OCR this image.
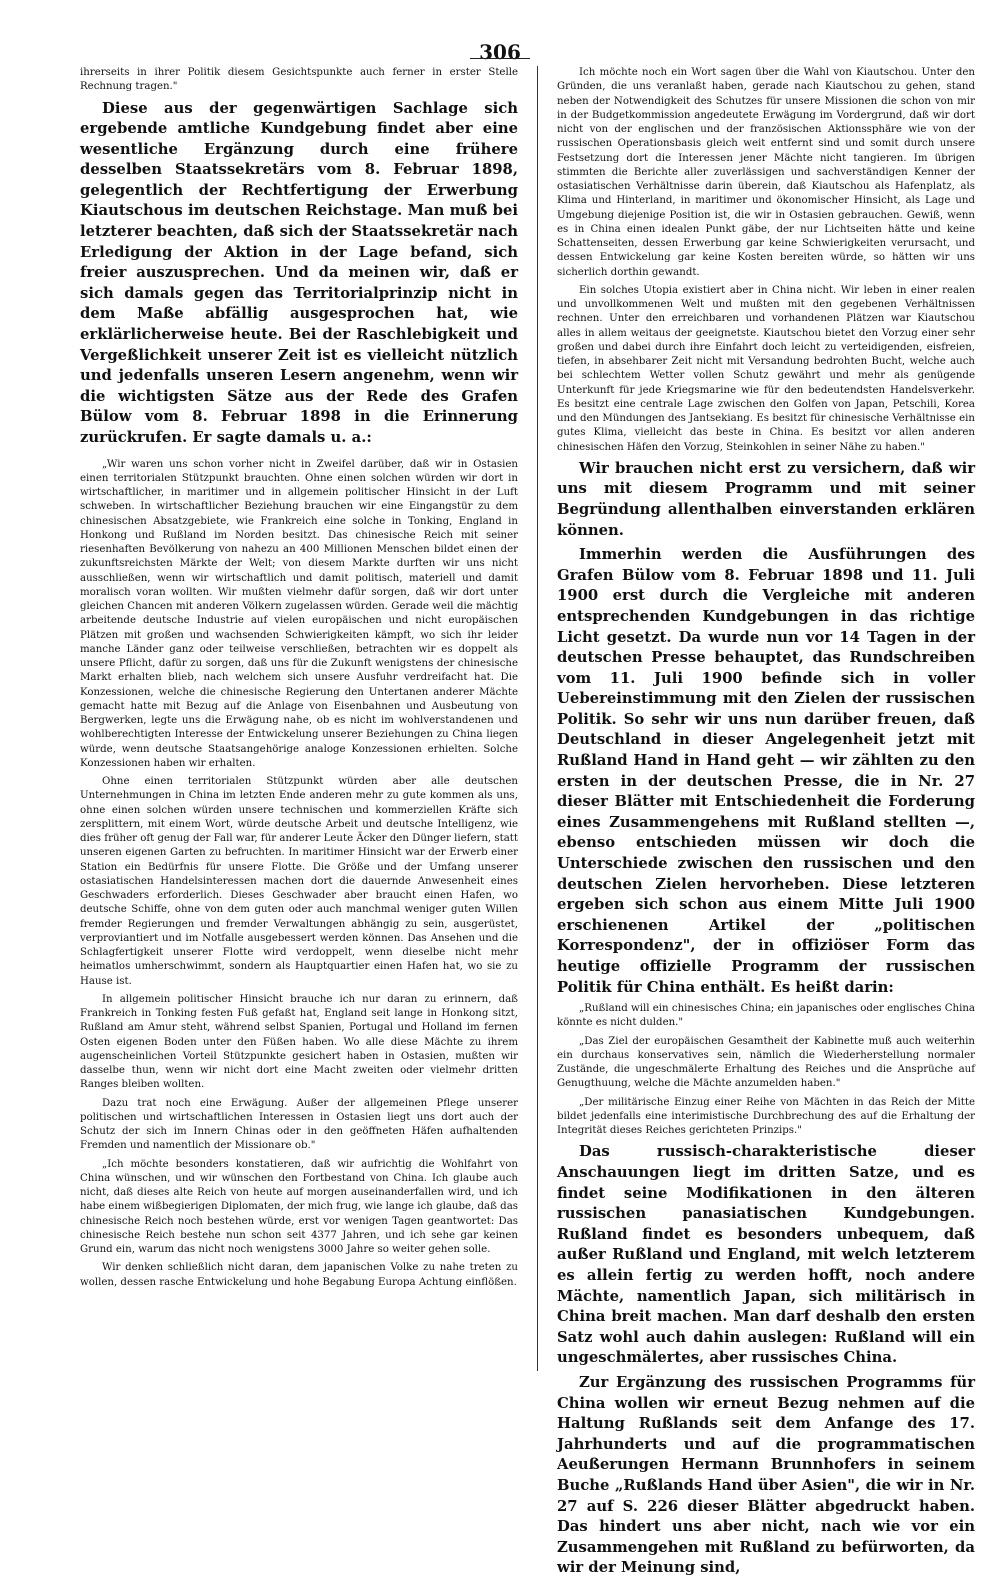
306

ihrerseits in ihrer Politik diesem Gesichtspunkte auch ferner in erster Stelle Rechnung tragen."

Diese aus der gegenwärtigen Sachlage sich ergebende amtliche Kundgebung findet aber eine wesentliche Ergänzung durch eine frühere desselben Staatssekretärs vom 8. Februar 1898, gelegentlich der Rechtfertigung der Erwerbung Kiautschous im deutschen Reichstage. Man muß bei letzterer beachten, daß sich der Staatssekretär nach Erledigung der Aktion in der Lage befand, sich freier auszusprechen. Und da meinen wir, daß er sich damals gegen das Territorialprinzip nicht in dem Maße abfällig ausgesprochen hat, wie erklärlicherweise heute. Bei der Raschlebigkeit und Vergeßlichkeit unserer Zeit ist es vielleicht nützlich und jedenfalls unseren Lesern angenehm, wenn wir die wichtigsten Sätze aus der Rede des Grafen Bülow vom 8. Februar 1898 in die Erinnerung zurückrufen. Er sagte damals u. a.:

„Wir waren uns schon vorher nicht in Zweifel darüber, daß wir in Ostasien einen territorialen Stützpunkt brauchten. Ohne einen solchen würden wir dort in wirtschaftlicher, in maritimer und in allgemein politischer Hinsicht in der Luft schweben. In wirtschaftlicher Beziehung brauchen wir eine Eingangstür zu dem chinesischen Absatzgebiete, wie Frankreich eine solche in Tonking, England in Honkong und Rußland im Norden besitzt. Das chinesische Reich mit seiner riesenhaften Bevölkerung von nahezu an 400 Millionen Menschen bildet einen der zukunftsreichsten Märkte der Welt; von diesem Markte durften wir uns nicht ausschließen, wenn wir wirtschaftlich und damit politisch, materiell und damit moralisch voran wollten. Wir mußten vielmehr dafür sorgen, daß wir dort unter gleichen Chancen mit anderen Völkern zugelassen würden. Gerade weil die mächtig arbeitende deutsche Industrie auf vielen europäischen und nicht europäischen Plätzen mit großen und wachsenden Schwierigkeiten kämpft, wo sich ihr leider manche Länder ganz oder teilweise verschließen, betrachten wir es doppelt als unsere Pflicht, dafür zu sorgen, daß uns für die Zukunft wenigstens der chinesische Markt erhalten blieb, nach welchem sich unsere Ausfuhr verdreifacht hat. Die Konzessionen, welche die chinesische Regierung den Untertanen anderer Mächte gemacht hatte mit Bezug auf die Anlage von Eisenbahnen und Ausbeutung von Bergwerken, legte uns die Erwägung nahe, ob es nicht im wohlverstandenen und wohlberechtigten Interesse der Entwickelung unserer Beziehungen zu China liegen würde, wenn deutsche Staatsangehörige analoge Konzessionen erhielten. Solche Konzessionen haben wir erhalten.

Ohne einen territorialen Stützpunkt würden aber alle deutschen Unternehmungen in China im letzten Ende anderen mehr zu gute kommen als uns, ohne einen solchen würden unsere technischen und kommerziellen Kräfte sich zersplittern, mit einem Wort, würde deutsche Arbeit und deutsche Intelligenz, wie dies früher oft genug der Fall war, für anderer Leute Äcker den Dünger liefern, statt unseren eigenen Garten zu befruchten. In maritimer Hinsicht war der Erwerb einer Station ein Bedürfnis für unsere Flotte. Die Größe und der Umfang unserer ostasiatischen Handelsinteressen machen dort die dauernde Anwesenheit eines Geschwaders erforderlich. Dieses Geschwader aber braucht einen Hafen, wo deutsche Schiffe, ohne von dem guten oder auch manchmal weniger guten Willen fremder Regierungen und fremder Verwaltungen abhängig zu sein, ausgerüstet, verproviantiert und im Notfalle ausgebessert werden können. Das Ansehen und die Schlagfertigkeit unserer Flotte wird verdoppelt, wenn dieselbe nicht mehr heimatlos umherschwimmt, sondern als Hauptquartier einen Hafen hat, wo sie zu Hause ist.

In allgemein politischer Hinsicht brauche ich nur daran zu erinnern, daß Frankreich in Tonking festen Fuß gefaßt hat, England seit lange in Honkong sitzt, Rußland am Amur steht, während selbst Spanien, Portugal und Holland im fernen Osten eigenen Boden unter den Füßen haben. Wo alle diese Mächte zu ihrem augenscheinlichen Vorteil Stützpunkte gesichert haben in Ostasien, mußten wir dasselbe thun, wenn wir nicht dort eine Macht zweiten oder vielmehr dritten Ranges bleiben wollten.

Dazu trat noch eine Erwägung. Außer der allgemeinen Pflege unserer politischen und wirtschaftlichen Interessen in Ostasien liegt uns dort auch der Schutz der sich im Innern Chinas oder in den geöffneten Häfen aufhaltenden Fremden und namentlich der Missionare ob."

„Ich möchte besonders konstatieren, daß wir aufrichtig die Wohlfahrt von China wünschen, und wir wünschen den Fortbestand von China. Ich glaube auch nicht, daß dieses alte Reich von heute auf morgen auseinanderfallen wird, und ich habe einem wißbegierigen Diplomaten, der mich frug, wie lange ich glaube, daß das chinesische Reich noch bestehen würde, erst vor wenigen Tagen geantwortet: Das chinesische Reich bestehe nun schon seit 4377 Jahren, und ich sehe gar keinen Grund ein, warum das nicht noch wenigstens 3000 Jahre so weiter gehen solle.

Wir denken schließlich nicht daran, dem japanischen Volke zu nahe treten zu wollen, dessen rasche Entwickelung und hohe Begabung Europa Achtung einflößen.

Ich möchte noch ein Wort sagen über die Wahl von Kiautschou. Unter den Gründen, die uns veranlaßt haben, gerade nach Kiautschou zu gehen, stand neben der Notwendigkeit des Schutzes für unsere Missionen die schon von mir in der Budgetkommission angedeutete Erwägung im Vordergrund, daß wir dort nicht von der englischen und der französischen Aktionssphäre wie von der russischen Operationsbasis gleich weit entfernt sind und somit durch unsere Festsetzung dort die Interessen jener Mächte nicht tangieren. Im übrigen stimmten die Berichte aller zuverlässigen und sachverständigen Kenner der ostasiatischen Verhältnisse darin überein, daß Kiautschou als Hafenplatz, als Klima und Hinterland, in maritimer und ökonomischer Hinsicht, als Lage und Umgebung diejenige Position ist, die wir in Ostasien gebrauchen. Gewiß, wenn es in China einen idealen Punkt gäbe, der nur Lichtseiten hätte und keine Schattenseiten, dessen Erwerbung gar keine Schwierigkeiten verursacht, und dessen Entwickelung gar keine Kosten bereiten würde, so hätten wir uns sicherlich dorthin gewandt.

Ein solches Utopia existiert aber in China nicht. Wir leben in einer realen und unvollkommenen Welt und mußten mit den gegebenen Verhältnissen rechnen. Unter den erreichbaren und vorhandenen Plätzen war Kiautschou alles in allem weitaus der geeignetste. Kiautschou bietet den Vorzug einer sehr großen und dabei durch ihre Einfahrt doch leicht zu verteidigenden, eisfreien, tiefen, in absehbarer Zeit nicht mit Versandung bedrohten Bucht, welche auch bei schlechtem Wetter vollen Schutz gewährt und mehr als genügende Unterkunft für jede Kriegsmarine wie für den bedeutendsten Handelsverkehr. Es besitzt eine centrale Lage zwischen den Golfen von Japan, Petschili, Korea und den Mündungen des Jantsekiang. Es besitzt für chinesische Verhältnisse ein gutes Klima, vielleicht das beste in China. Es besitzt vor allen anderen chinesischen Häfen den Vorzug, Steinkohlen in seiner Nähe zu haben."

Wir brauchen nicht erst zu versichern, daß wir uns mit diesem Programm und mit seiner Begründung allenthalben einverstanden erklären können.

Immerhin werden die Ausführungen des Grafen Bülow vom 8. Februar 1898 und 11. Juli 1900 erst durch die Vergleiche mit anderen entsprechenden Kundgebungen in das richtige Licht gesetzt. Da wurde nun vor 14 Tagen in der deutschen Presse behauptet, das Rundschreiben vom 11. Juli 1900 befinde sich in voller Uebereinstimmung mit den Zielen der russischen Politik. So sehr wir uns nun darüber freuen, daß Deutschland in dieser Angelegenheit jetzt mit Rußland Hand in Hand geht — wir zählten zu den ersten in der deutschen Presse, die in Nr. 27 dieser Blätter mit Entschiedenheit die Forderung eines Zusammengehens mit Rußland stellten —, ebenso entschieden müssen wir doch die Unterschiede zwischen den russischen und den deutschen Zielen hervorheben. Diese letzteren ergeben sich schon aus einem Mitte Juli 1900 erschienenen Artikel der „politischen Korrespondenz", der in offiziöser Form das heutige offizielle Programm der russischen Politik für China enthält. Es heißt darin:

„Rußland will ein chinesisches China; ein japanisches oder englisches China könnte es nicht dulden."

„Das Ziel der europäischen Gesamtheit der Kabinette muß auch weiterhin ein durchaus konservatives sein, nämlich die Wiederherstellung normaler Zustände, die ungeschmälerte Erhaltung des Reiches und die Ansprüche auf Genugthuung, welche die Mächte anzumelden haben."

„Der militärische Einzug einer Reihe von Mächten in das Reich der Mitte bildet jedenfalls eine interimistische Durchbrechung des auf die Erhaltung der Integrität dieses Reiches gerichteten Prinzips."

Das russisch-charakteristische dieser Anschauungen liegt im dritten Satze, und es findet seine Modifikationen in den älteren russischen panasiatischen Kundgebungen. Rußland findet es besonders unbequem, daß außer Rußland und England, mit welch letzterem es allein fertig zu werden hofft, noch andere Mächte, namentlich Japan, sich militärisch in China breit machen. Man darf deshalb den ersten Satz wohl auch dahin auslegen: Rußland will ein ungeschmälertes, aber russisches China.

Zur Ergänzung des russischen Programms für China wollen wir erneut Bezug nehmen auf die Haltung Rußlands seit dem Anfange des 17. Jahrhunderts und auf die programmatischen Aeußerungen Hermann Brunnhofers in seinem Buche „Rußlands Hand über Asien", die wir in Nr. 27 auf S. 226 dieser Blätter abgedruckt haben. Das hindert uns aber nicht, nach wie vor ein Zusammengehen mit Rußland zu befürworten, da wir der Meinung sind,
